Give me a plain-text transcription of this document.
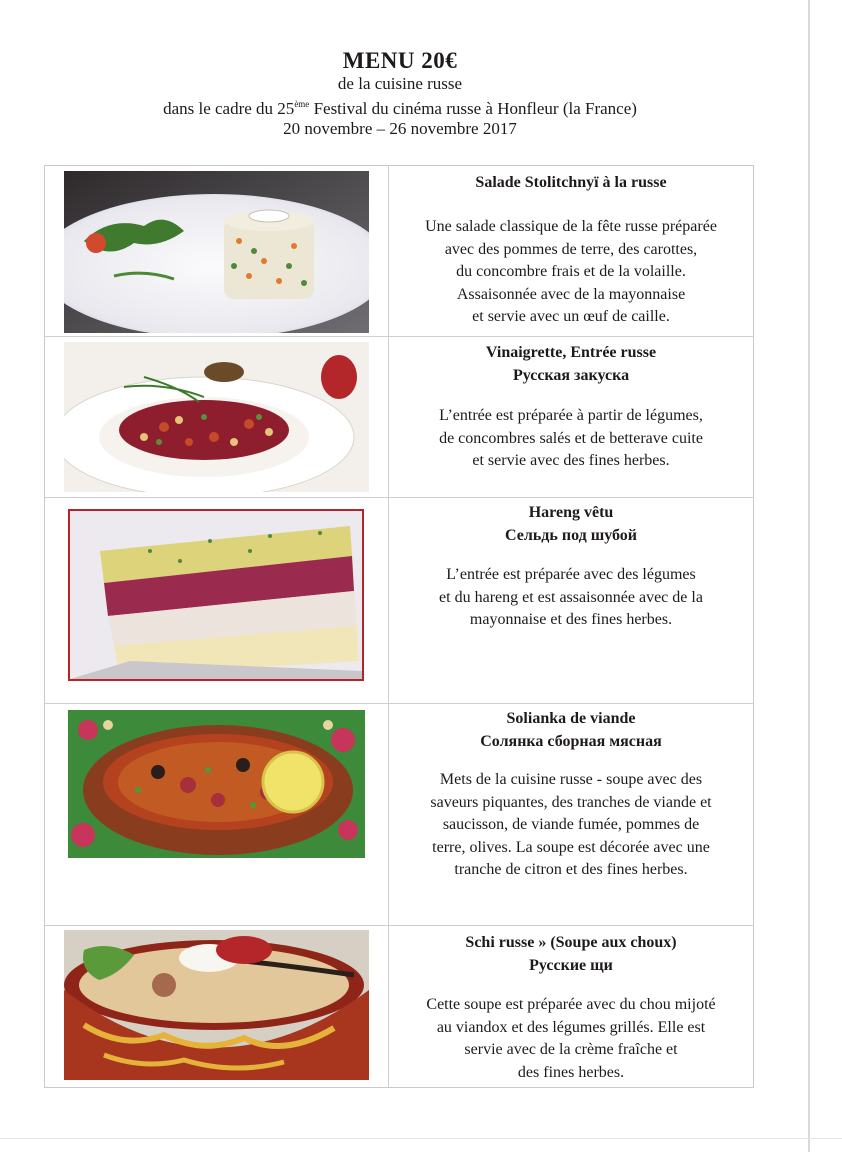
MENU 20€
de la cuisine russe
dans le cadre du 25ème Festival du cinéma russe à Honfleur (la France)
20 novembre – 26 novembre 2017
Salade Stolitchnyï à la russe
Une salade classique de la fête russe préparée
avec des pommes de terre, des carottes,
du concombre frais et de la volaille.
Assaisonnée avec de la mayonnaise
et servie avec un œuf de caille.
Vinaigrette, Entrée russe
Русская закуска
L’entrée est préparée à partir de légumes,
de concombres salés et de betterave cuite
et servie avec des fines herbes.
Hareng vêtu
Сельдь под шубой
L’entrée est préparée avec des légumes
et du hareng et est assaisonnée avec de la
mayonnaise et des fines herbes.
Solianka de viande
Солянка сборная мясная
Mets de la cuisine russe - soupe avec des
saveurs piquantes, des tranches de viande et
saucisson, de viande fumée, pommes de
terre, olives. La soupe est décorée avec une
tranche de citron et des fines herbes.
Schi russe » (Soupe aux choux)
Русские щи
Cette soupe est préparée avec du chou mijoté
au viandox et des légumes grillés. Elle est
servie avec de la crème fraîche et
des fines herbes.
